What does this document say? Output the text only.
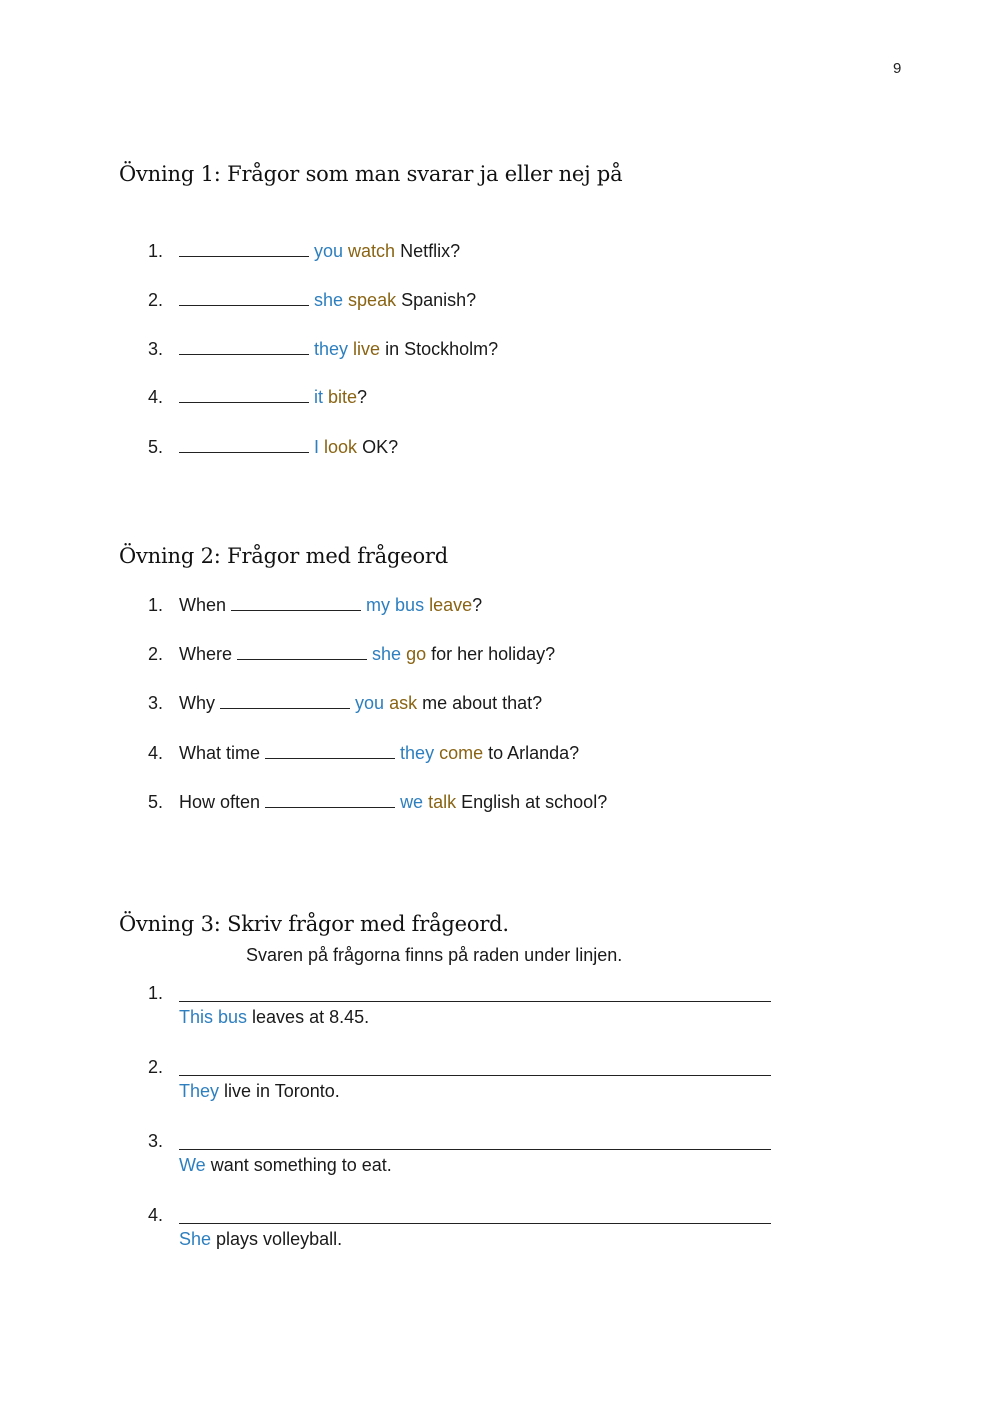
9
Övning 1: Frågor som man svarar ja eller nej på
1.	you watch Netflix?
2.	she speak Spanish?
3.	they live in Stockholm?
4.	it bite?
5.	I look OK?
Övning 2: Frågor med frågeord
1. When	my bus leave?
2. Where	she go for her holiday?
3. Why	you ask me about that?
4. What time	they come to Arlanda?
5. How often	we talk English at school?
Övning 3: Skriv frågor med frågeord.
Svaren på frågorna finns på raden under linjen.
1.
This bus leaves at 8.45.
2.
They live in Toronto.
3.
We want something to eat.
4.
She plays volleyball.
